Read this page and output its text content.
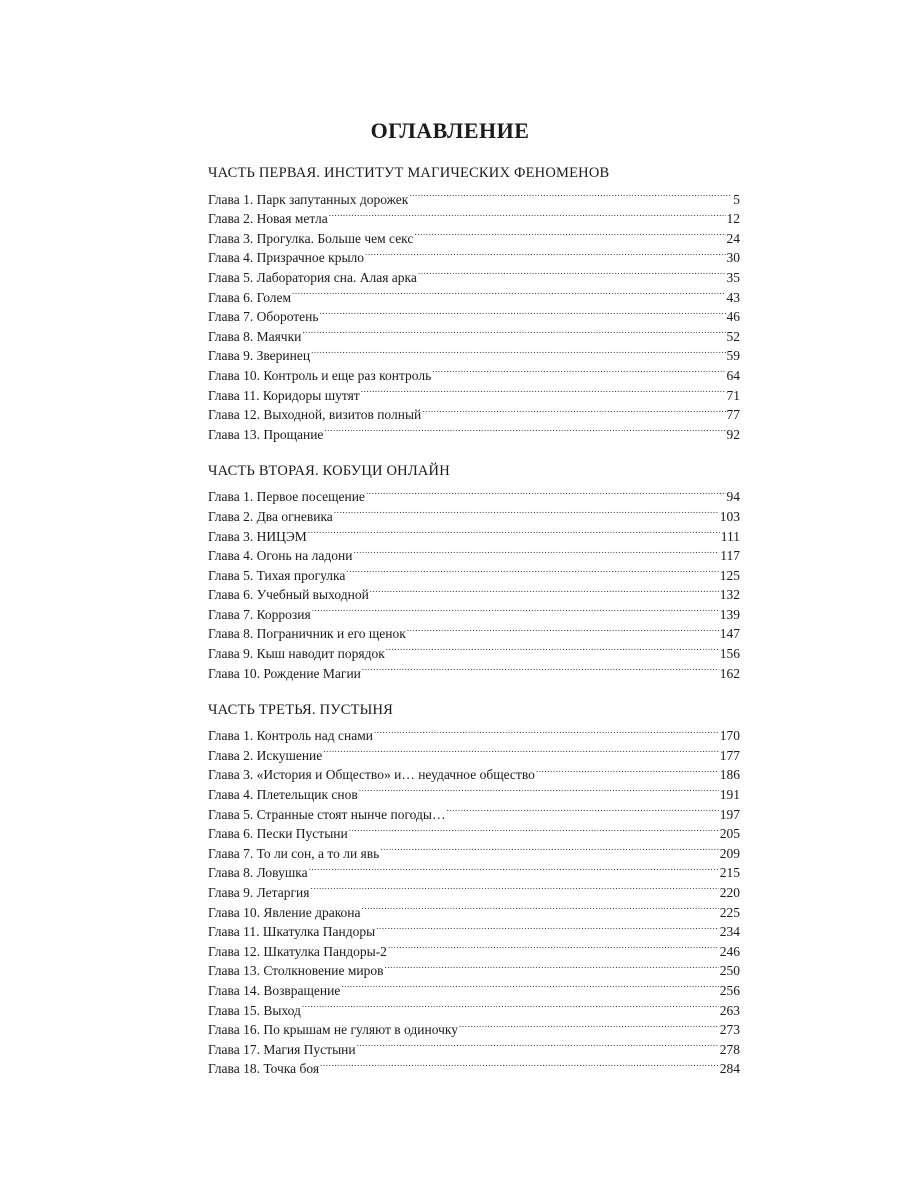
ОГЛАВЛЕНИЕ
ЧАСТЬ ПЕРВАЯ. ИНСТИТУТ МАГИЧЕСКИХ ФЕНОМЕНОВ
Глава 1. Парк запутанных дорожек .....	5
Глава 2. Новая метла .....	12
Глава 3. Прогулка. Больше чем секс .....	24
Глава 4. Призрачное крыло .....	30
Глава 5. Лаборатория сна. Алая арка .....	35
Глава 6. Голем .....	43
Глава 7. Оборотень .....	46
Глава 8. Маячки .....	52
Глава 9. Зверинец .....	59
Глава 10. Контроль и еще раз контроль .....	64
Глава 11. Коридоры шутят .....	71
Глава 12. Выходной, визитов полный .....	77
Глава 13. Прощание .....	92
ЧАСТЬ ВТОРАЯ. КОБУЦИ ОНЛАЙН
Глава 1. Первое посещение .....	94
Глава 2. Два огневика .....	103
Глава 3. НИЦЭМ .....	111
Глава 4. Огонь на ладони .....	117
Глава 5. Тихая прогулка .....	125
Глава 6. Учебный выходной .....	132
Глава 7. Коррозия .....	139
Глава 8. Пограничник и его щенок .....	147
Глава 9. Кыш наводит порядок .....	156
Глава 10. Рождение Магии .....	162
ЧАСТЬ ТРЕТЬЯ. ПУСТЫНЯ
Глава 1. Контроль над снами .....	170
Глава 2. Искушение .....	177
Глава 3. «История и Общество» и… неудачное общество .....	186
Глава 4. Плетельщик снов .....	191
Глава 5. Странные стоят нынче погоды… .....	197
Глава 6. Пески Пустыни .....	205
Глава 7. То ли сон, а то ли явь .....	209
Глава 8. Ловушка .....	215
Глава 9. Летаргия .....	220
Глава 10. Явление дракона .....	225
Глава 11. Шкатулка Пандоры .....	234
Глава 12. Шкатулка Пандоры-2 .....	246
Глава 13. Столкновение миров .....	250
Глава 14. Возвращение .....	256
Глава 15. Выход .....	263
Глава 16. По крышам не гуляют в одиночку .....	273
Глава 17. Магия Пустыни .....	278
Глава 18. Точка боя .....	284
